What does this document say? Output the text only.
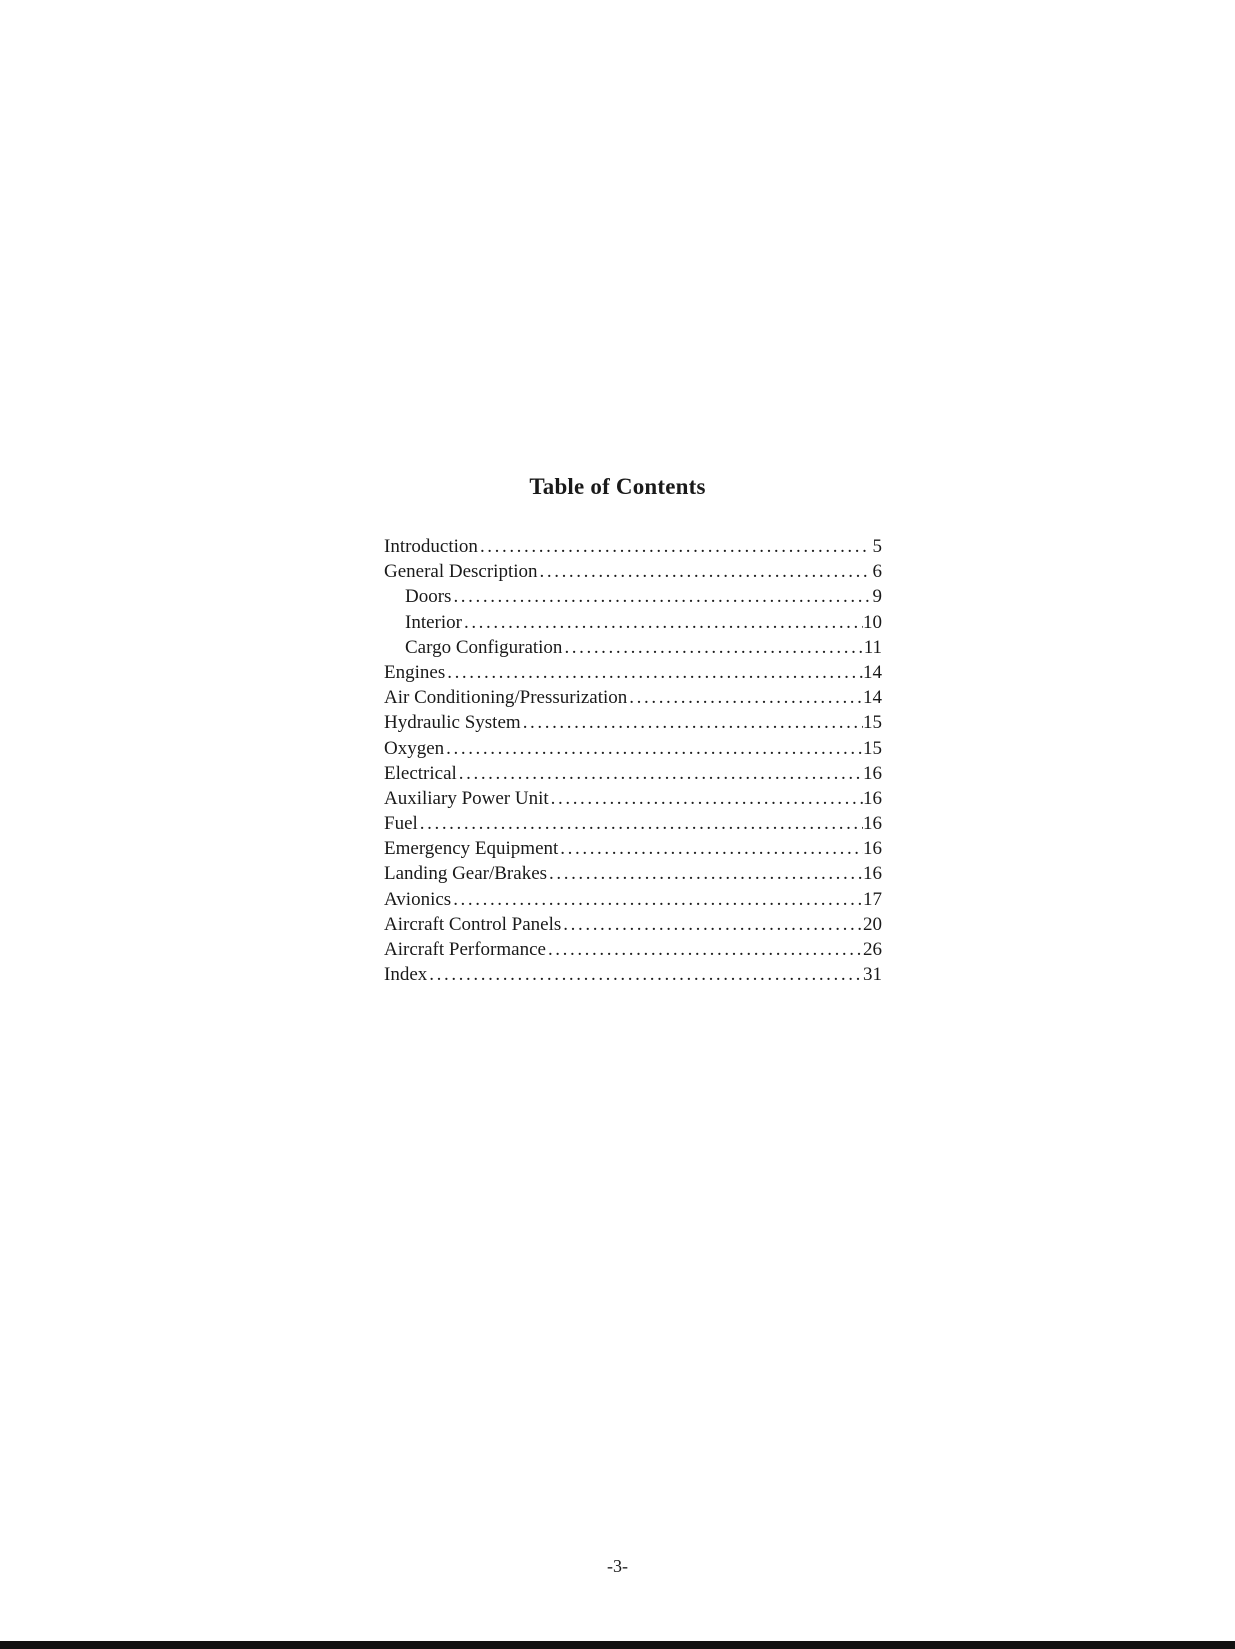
Table of Contents
Introduction .....	5
General Description .....	6
Doors .....	9
Interior .....	10
Cargo Configuration .....	11
Engines .....	14
Air Conditioning/Pressurization .....	14
Hydraulic System .....	15
Oxygen .....	15
Electrical .....	16
Auxiliary Power Unit .....	16
Fuel .....	16
Emergency Equipment .....	16
Landing Gear/Brakes .....	16
Avionics .....	17
Aircraft Control Panels .....	20
Aircraft Performance .....	26
Index .....	31
-3-
